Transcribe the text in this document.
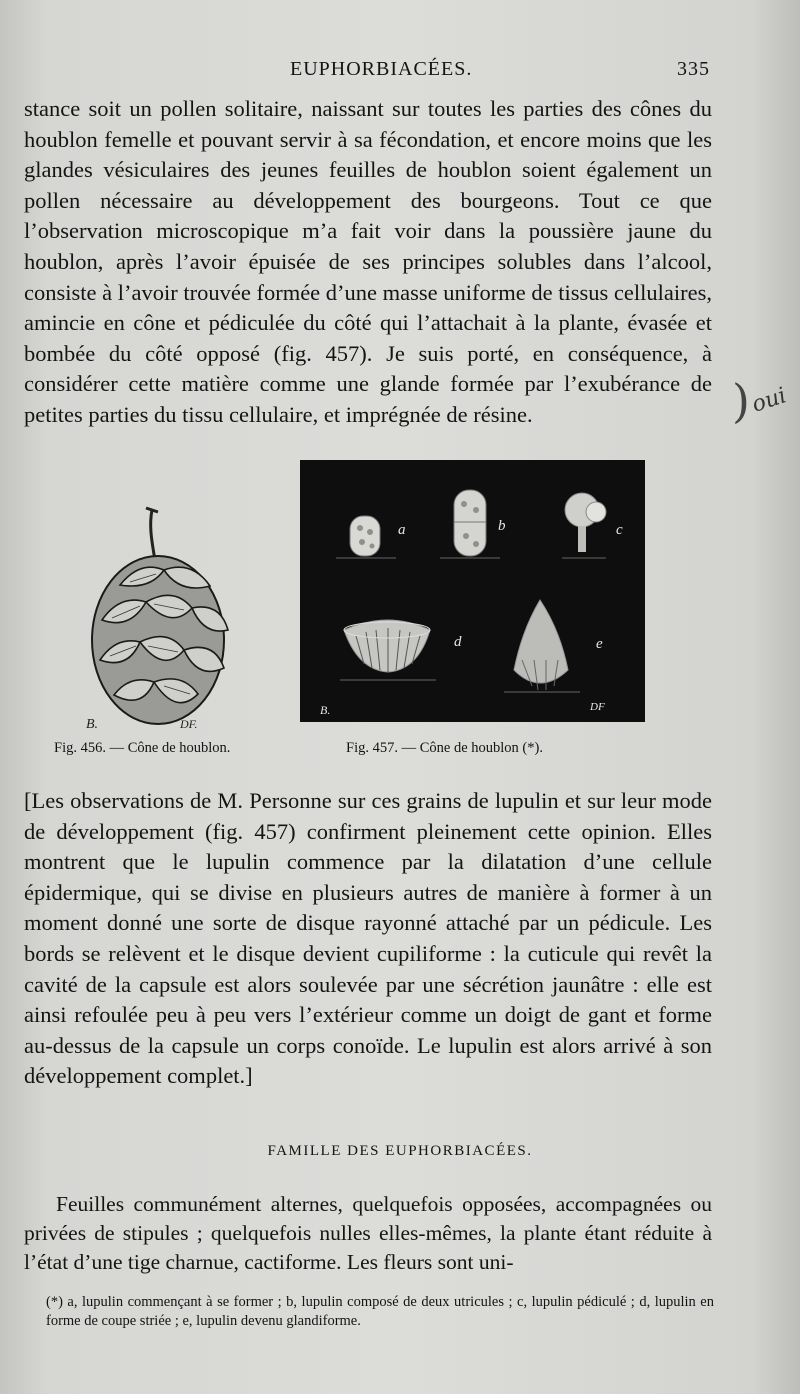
EUPHORBIACÉES.	335

stance soit un pollen solitaire, naissant sur toutes les parties des cônes du houblon femelle et pouvant servir à sa fécondation, et encore moins que les glandes vésiculaires des jeunes feuilles de houblon soient également un pollen nécessaire au développement des bourgeons. Tout ce que l’observation microscopique m’a fait voir dans la poussière jaune du houblon, après l’avoir épuisée de ses principes solubles dans l’alcool, consiste à l’avoir trouvée formée d’une masse uniforme de tissus cellulaires, amincie en cône et pédiculée du côté qui l’attachait à la plante, évasée et bombée du côté opposé (fig. 457). Je suis porté, en conséquence, à considérer cette matière comme une glande formée par l’exubérance de petites parties du tissu cellulaire, et imprégnée de résine.	) oui
B.	DF.
a	b	c
d	e
B.	DF
Fig. 456. — Cône de houblon.	Fig. 457. — Cône de houblon (*).

[Les observations de M. Personne sur ces grains de lupulin et sur leur mode de développement (fig. 457) confirment pleinement cette opinion. Elles montrent que le lupulin commence par la dilatation d’une cellule épidermique, qui se divise en plusieurs autres de manière à former à un moment donné une sorte de disque rayonné attaché par un pédicule. Les bords se relèvent et le disque devient cupiliforme : la cuticule qui revêt la cavité de la capsule est alors soulevée par une sécrétion jaunâtre : elle est ainsi refoulée peu à peu vers l’extérieur comme un doigt de gant et forme au-dessus de la capsule un corps conoïde. Le lupulin est alors arrivé à son développement complet.]

FAMILLE DES EUPHORBIACÉES.

Feuilles communément alternes, quelquefois opposées, accompagnées ou privées de stipules ; quelquefois nulles elles-mêmes, la plante étant réduite à l’état d’une tige charnue, cactiforme. Les fleurs sont uni-

(*) a, lupulin commençant à se former ; b, lupulin composé de deux utricules ; c, lupulin pédiculé ; d, lupulin en forme de coupe striée ; e, lupulin devenu glandiforme.
